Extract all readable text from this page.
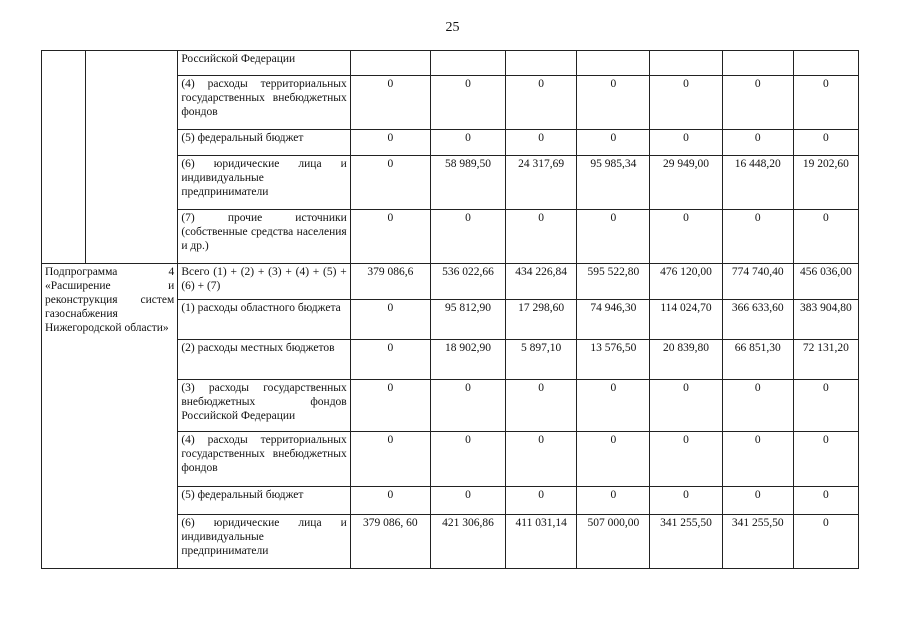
25
		Российской Федерации							
		(4) расходы территориальных государственных внебюджетных фондов	0	0	0	0	0	0	0
		(5) федеральный бюджет	0	0	0	0	0	0	0
		(6) юридические лица и индивидуальные предприниматели	0	58 989,50	24 317,69	95 985,34	29 949,00	16 448,20	19 202,60
		(7) прочие источники (собственные средства населения и др.)	0	0	0	0	0	0	0
Подпрограмма 4 «Расширение и реконструкция систем газоснабжения Нижегородской области»		Всего (1) + (2) + (3) + (4) + (5) + (6) + (7)	379 086,6	536 022,66	434 226,84	595 522,80	476 120,00	774 740,40	456 036,00
		(1) расходы областного бюджета	0	95 812,90	17 298,60	74 946,30	114 024,70	366 633,60	383 904,80
		(2) расходы местных бюджетов	0	18 902,90	5 897,10	13 576,50	20 839,80	66 851,30	72 131,20
		(3) расходы государственных внебюджетных фондов Российской Федерации	0	0	0	0	0	0	0
		(4) расходы территориальных государственных внебюджетных фондов	0	0	0	0	0	0	0
		(5) федеральный бюджет	0	0	0	0	0	0	0
		(6) юридические лица и индивидуальные предприниматели	379 086, 60	421 306,86	411 031,14	507 000,00	341 255,50	341 255,50	0
